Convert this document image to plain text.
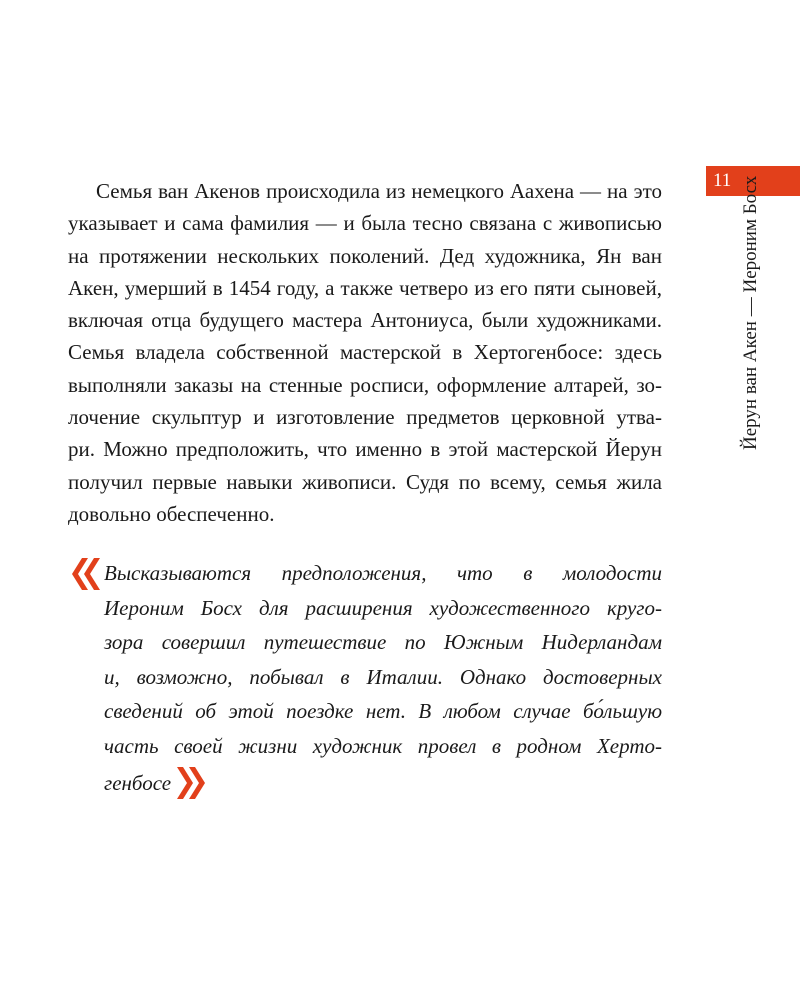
11 Йерун ван Акен — Иероним Босх
Семья ван Акенов происходила из немецкого Аахена — на это
указывает и сама фамилия — и была тесно связана с живописью
на протяжении нескольких поколений. Дед художника, Ян ван
Акен, умерший в 1454 году, а также четверо из его пяти сыновей,
включая отца будущего мастера Антониуса, были художниками.
Семья владела собственной мастерской в Хертогенбосе: здесь
выполняли заказы на стенные росписи, оформление алтарей, зо-
лочение скульптур и изготовление предметов церковной утва-
ри. Можно предположить, что именно в этой мастерской Йерун
получил первые навыки живописи. Судя по всему, семья жила
довольно обеспеченно.
Высказываются предположения, что в молодости
Иероним Босх для расширения художественного круго-
зора совершил путешествие по Южным Нидерландам
и, возможно, побывал в Италии. Однако достоверных
сведений об этой поездке нет. В любом случае бо́льшую
часть своей жизни художник провел в родном Херто-
генбосе
